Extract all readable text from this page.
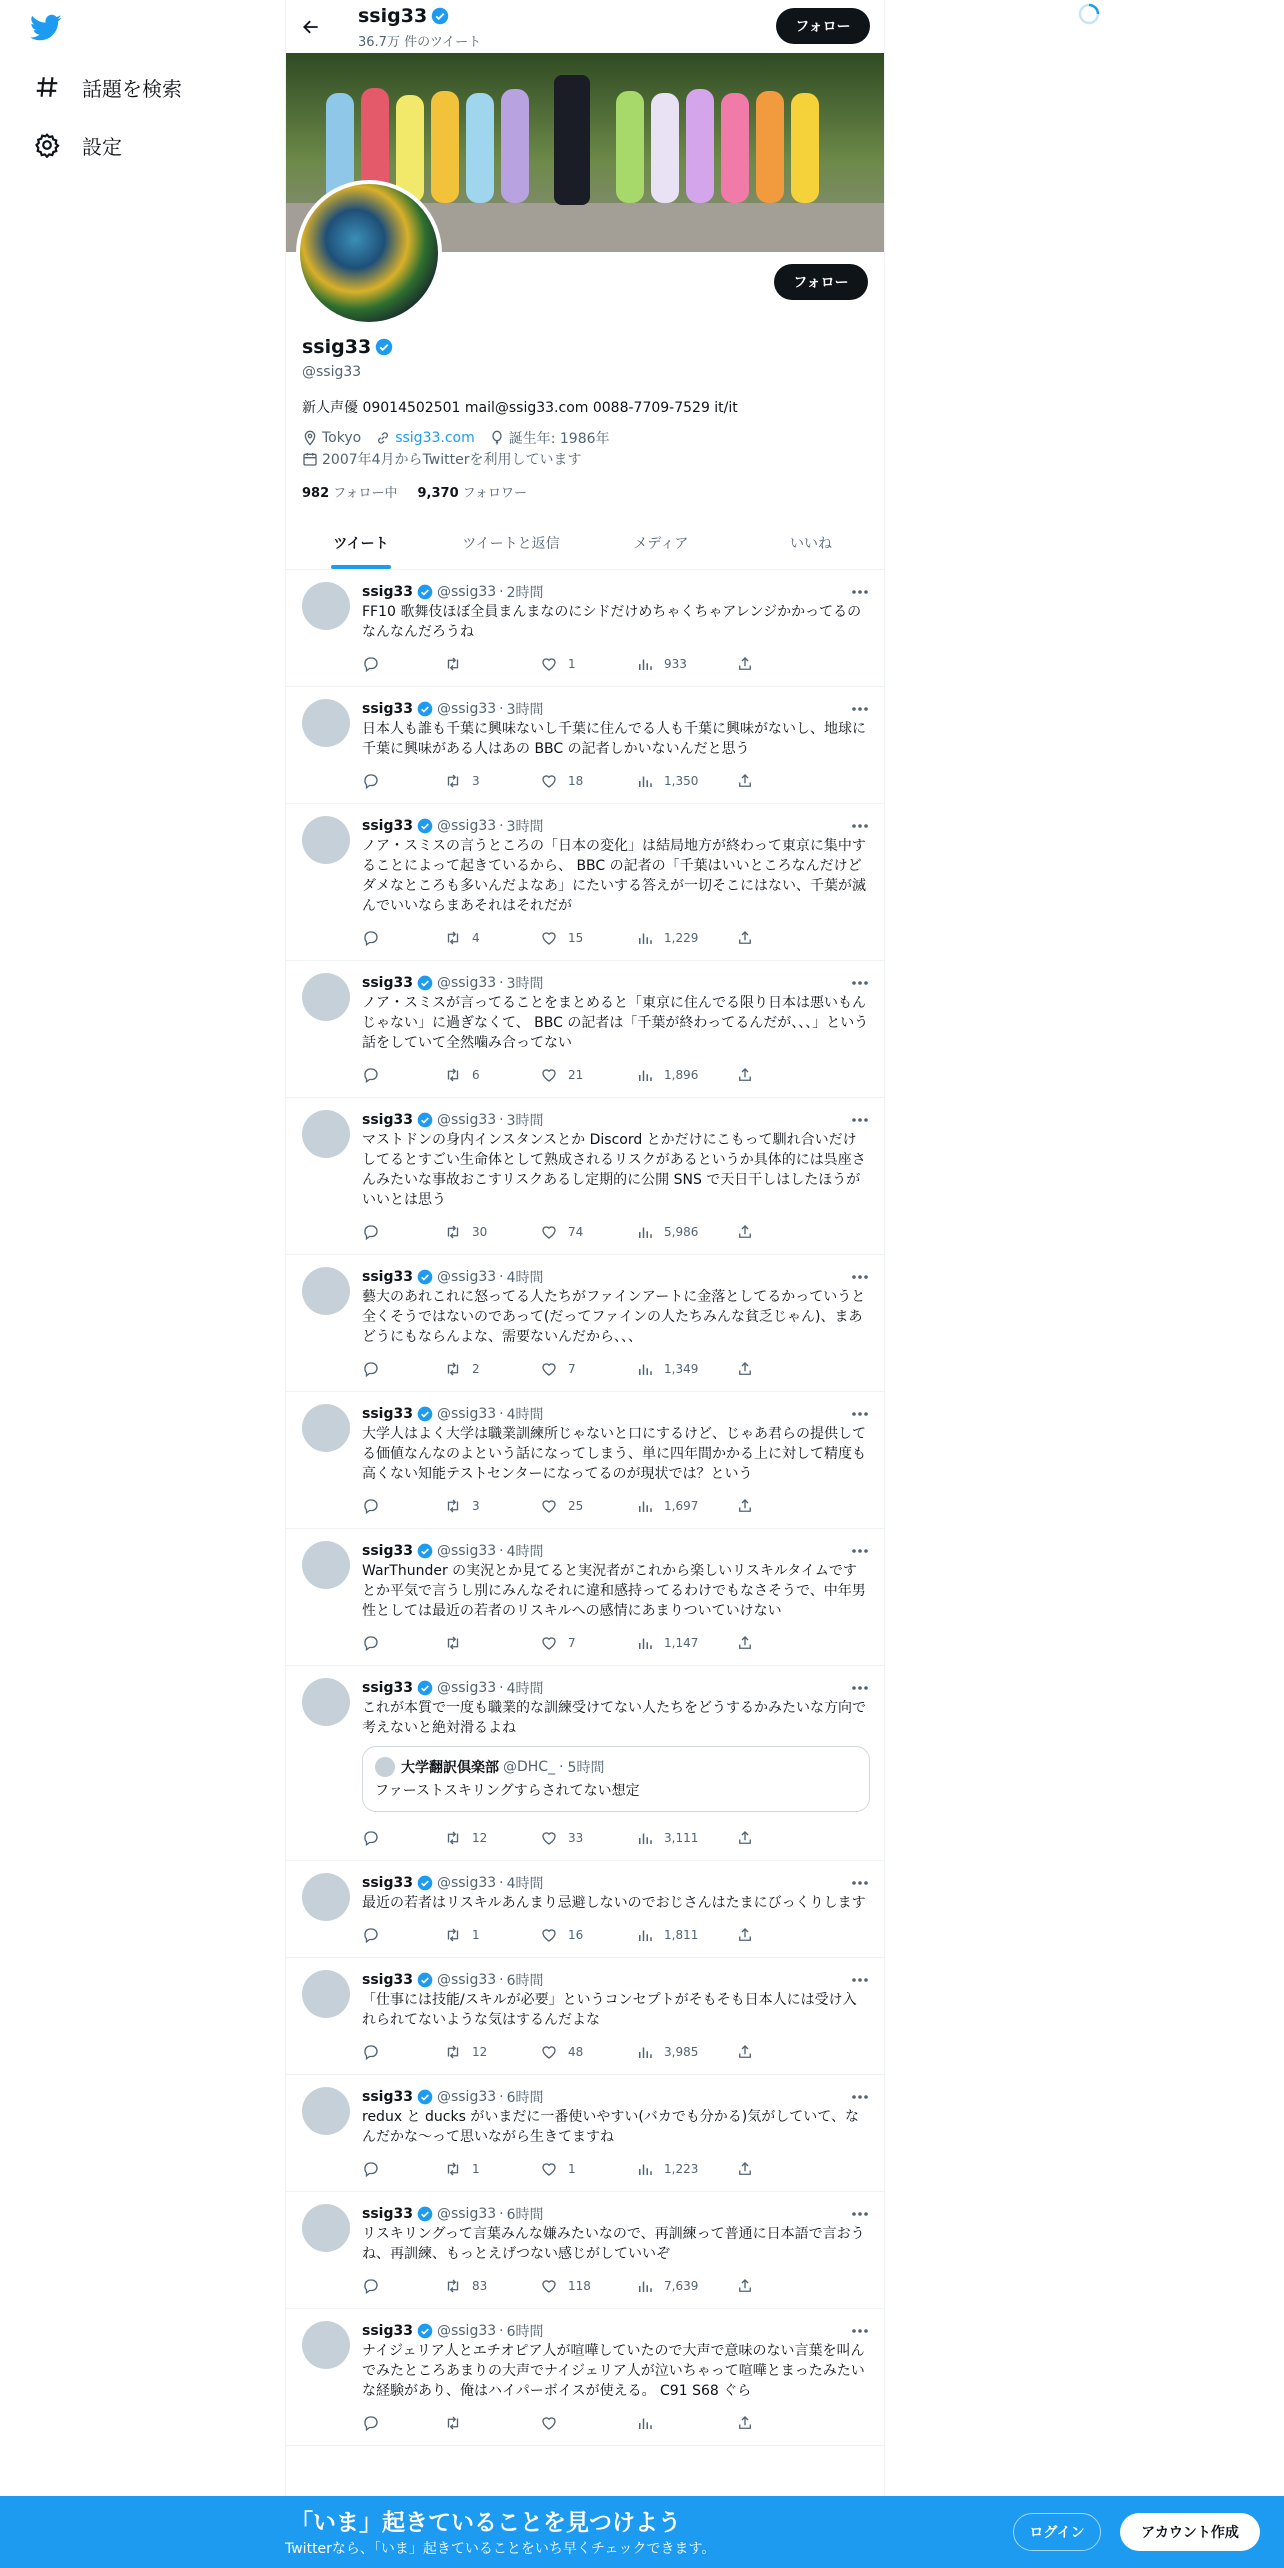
話題を検索
設定
ssig33
36.7万 件のツイート
フォロー
フォロー
ssig33
@ssig33
新人声優 09014502501 mail@ssig33.com 0088-7709-7529 it/it
Tokyo ssig33.com 誕生年: 1986年
2007年4月からTwitterを利用しています
982 フォロー中 9,370 フォロワー
ツイート	ツイートと返信	メディア	いいね
ssig33 @ssig33 · 2時間
FF10 歌舞伎ほぼ全員まんまなのにシドだけめちゃくちゃアレンジかかってるのなんなんだろうね
1	933
ssig33 @ssig33 · 3時間
日本人も誰も千葉に興味ないし千葉に住んでる人も千葉に興味がないし、地球に千葉に興味がある人はあの BBC の記者しかいないんだと思う
3	18	1,350
ssig33 @ssig33 · 3時間
ノア・スミスの言うところの「日本の変化」は結局地方が終わって東京に集中することによって起きているから、 BBC の記者の「千葉はいいところなんだけどダメなところも多いんだよなあ」にたいする答えが一切そこにはない、千葉が滅んでいいならまあそれはそれだが
4	15	1,229
ssig33 @ssig33 · 3時間
ノア・スミスが言ってることをまとめると「東京に住んでる限り日本は悪いもんじゃない」に過ぎなくて、 BBC の記者は「千葉が終わってるんだが、、、」という話をしていて全然噛み合ってない
6	21	1,896
ssig33 @ssig33 · 3時間
マストドンの身内インスタンスとか Discord とかだけにこもって馴れ合いだけしてるとすごい生命体として熟成されるリスクがあるというか具体的には呉座さんみたいな事故おこすリスクあるし定期的に公開 SNS で天日干しはしたほうがいいとは思う
30	74	5,986
ssig33 @ssig33 · 4時間
藝大のあれこれに怒ってる人たちがファインアートに金落としてるかっていうと全くそうではないのであって(だってファインの人たちみんな貧乏じゃん)、まあどうにもならんよな、需要ないんだから、、、
2	7	1,349
ssig33 @ssig33 · 4時間
大学人はよく大学は職業訓練所じゃないと口にするけど、じゃあ君らの提供してる価値なんなのよという話になってしまう、単に四年間かかる上に対して精度も高くない知能テストセンターになってるのが現状では？という
3	25	1,697
ssig33 @ssig33 · 4時間
WarThunder の実況とか見てると実況者がこれから楽しいリスキルタイムですとか平気で言うし別にみんなそれに違和感持ってるわけでもなさそうで、中年男性としては最近の若者のリスキルへの感情にあまりついていけない
7	1,147
ssig33 @ssig33 · 4時間
これが本質で一度も職業的な訓練受けてない人たちをどうするかみたいな方向で考えないと絶対滑るよね
大学翻訳倶楽部 @DHC_ · 5時間
ファーストスキリングすらされてない想定
12	33	3,111
ssig33 @ssig33 · 4時間
最近の若者はリスキルあんまり忌避しないのでおじさんはたまにびっくりします
1	16	1,811
ssig33 @ssig33 · 6時間
「仕事には技能/スキルが必要」というコンセプトがそもそも日本人には受け入れられてないような気はするんだよな
12	48	3,985
ssig33 @ssig33 · 6時間
redux と ducks がいまだに一番使いやすい(バカでも分かる)気がしていて、なんだかな〜って思いながら生きてますね
1	1	1,223
ssig33 @ssig33 · 6時間
リスキリングって言葉みんな嫌みたいなので、再訓練って普通に日本語で言おうね、再訓練、もっとえげつない感じがしていいぞ
83	118	7,639
ssig33 @ssig33 · 6時間
ナイジェリア人とエチオピア人が喧嘩していたので大声で意味のない言葉を叫んでみたところあまりの大声でナイジェリア人が泣いちゃって喧嘩とまったみたいな経験があり、俺はハイパーボイスが使える。 C91 S68 ぐら
「いま」起きていることを見つけよう
Twitterなら、「いま」起きていることをいち早くチェックできます。
ログイン	アカウント作成
